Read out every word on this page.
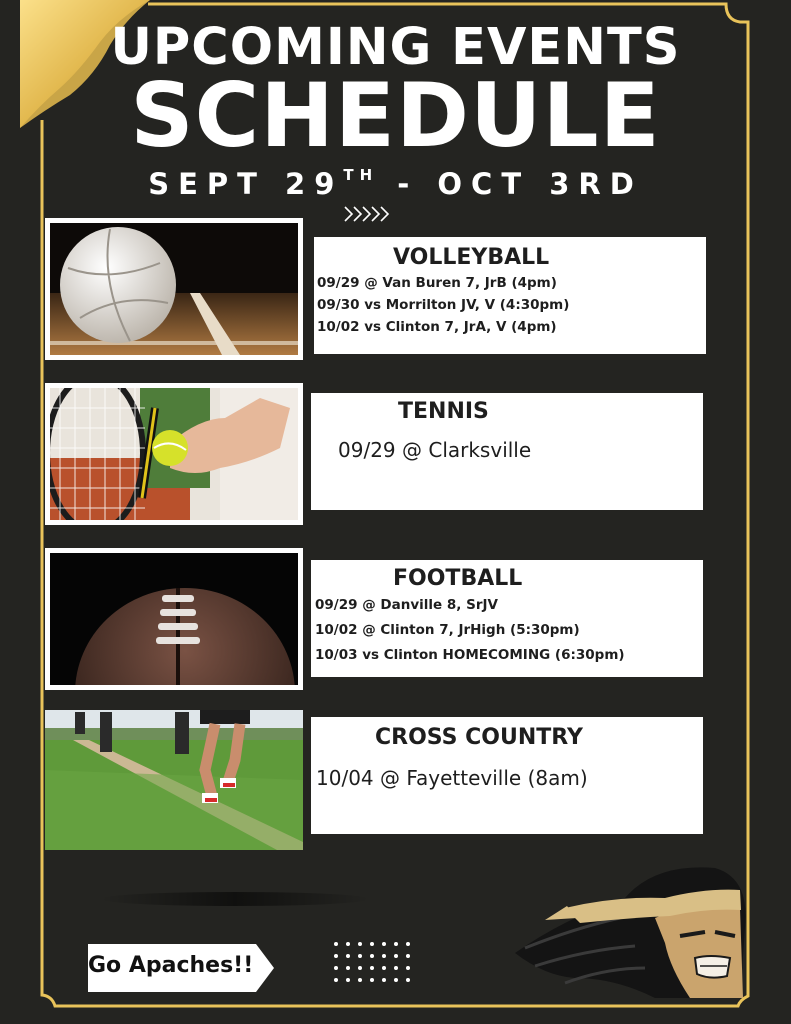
UPCOMING EVENTS
SCHEDULE
SEPT 29TH - OCT 3RD
VOLLEYBALL
09/29 @ Van Buren 7, JrB (4pm)
09/30 vs Morrilton JV, V (4:30pm)
10/02 vs Clinton 7, JrA, V (4pm)
TENNIS
09/29 @ Clarksville
FOOTBALL
09/29 @ Danville 8, SrJV
10/02 @ Clinton 7, JrHigh (5:30pm)
10/03 vs Clinton HOMECOMING (6:30pm)
CROSS COUNTRY
10/04 @ Fayetteville (8am)
Go Apaches!!
